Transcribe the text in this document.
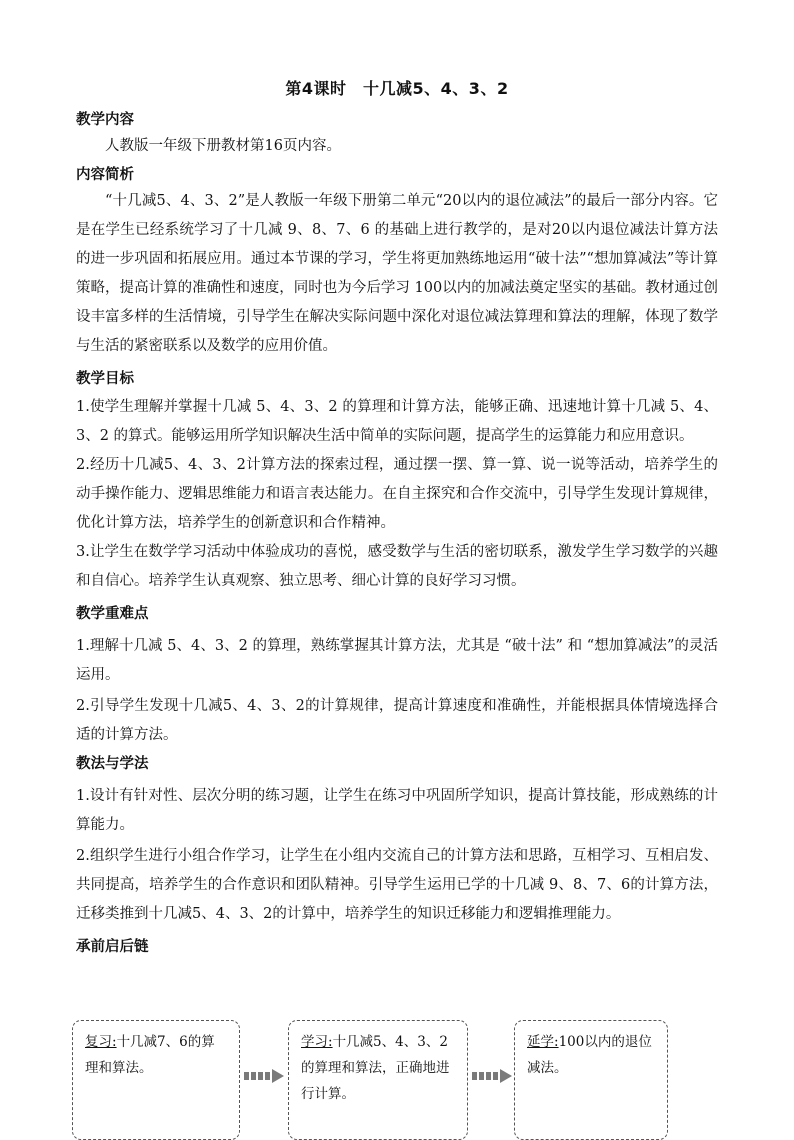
第4课时　十几减5、4、3、2
教学内容

人教版一年级下册教材第16页内容。

内容简析

“十几减5、4、3、2”是人教版一年级下册第二单元“20以内的退位减法”的最后一部分内容。它是在学生已经系统学习了十几减 9、8、7、6 的基础上进行教学的，是对20以内退位减法计算方法的进一步巩固和拓展应用。通过本节课的学习，学生将更加熟练地运用“破十法”“想加算减法”等计算策略，提高计算的准确性和速度，同时也为今后学习 100以内的加减法奠定坚实的基础。教材通过创设丰富多样的生活情境，引导学生在解决实际问题中深化对退位减法算理和算法的理解，体现了数学与生活的紧密联系以及数学的应用价值。

教学目标

1.使学生理解并掌握十几减 5、4、3、2 的算理和计算方法，能够正确、迅速地计算十几减 5、4、3、2 的算式。能够运用所学知识解决生活中简单的实际问题，提高学生的运算能力和应用意识。

2.经历十几减5、4、3、2计算方法的探索过程，通过摆一摆、算一算、说一说等活动，培养学生的动手操作能力、逻辑思维能力和语言表达能力。在自主探究和合作交流中，引导学生发现计算规律，优化计算方法，培养学生的创新意识和合作精神。

3.让学生在数学学习活动中体验成功的喜悦，感受数学与生活的密切联系，激发学生学习数学的兴趣和自信心。培养学生认真观察、独立思考、细心计算的良好学习习惯。

教学重难点

1.理解十几减 5、4、3、2 的算理，熟练掌握其计算方法，尤其是 “破十法” 和 “想加算减法”的灵活运用。

2.引导学生发现十几减5、4、3、2的计算规律，提高计算速度和准确性，并能根据具体情境选择合适的计算方法。

教法与学法

1.设计有针对性、层次分明的练习题，让学生在练习中巩固所学知识，提高计算技能，形成熟练的计算能力。

2.组织学生进行小组合作学习，让学生在小组内交流自己的计算方法和思路，互相学习、互相启发、共同提高，培养学生的合作意识和团队精神。引导学生运用已学的十几减 9、8、7、6的计算方法，迁移类推到十几减5、4、3、2的计算中，培养学生的知识迁移能力和逻辑推理能力。

承前启后链
复习:十几减7、6的算理和算法。
学习:十几减5、4、3、2的算理和算法，正确地进行计算。
延学:100以内的退位减法。
